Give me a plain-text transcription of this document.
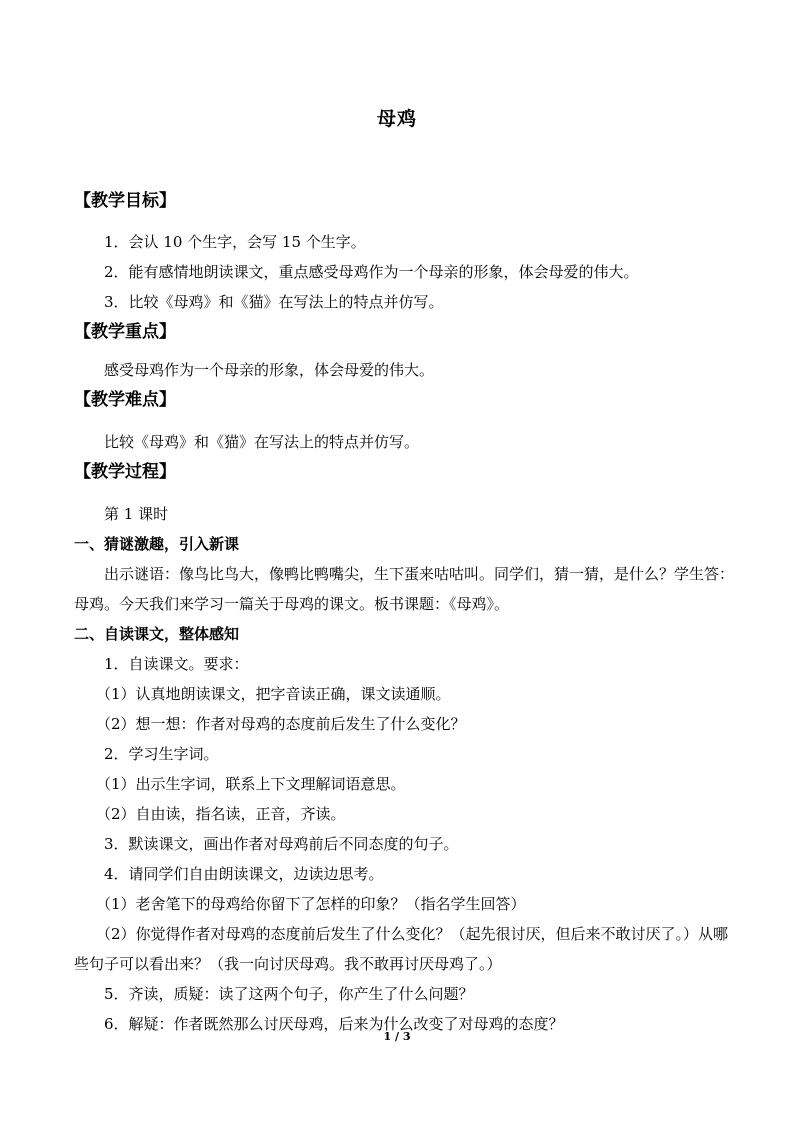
母鸡
【教学目标】
1．会认 10 个生字，会写 15 个生字。
2．能有感情地朗读课文，重点感受母鸡作为一个母亲的形象，体会母爱的伟大。
3．比较《母鸡》和《猫》在写法上的特点并仿写。
【教学重点】
感受母鸡作为一个母亲的形象，体会母爱的伟大。
【教学难点】
比较《母鸡》和《猫》在写法上的特点并仿写。
【教学过程】
第 1 课时
一、猜谜激趣，引入新课
出示谜语：像鸟比鸟大，像鸭比鸭嘴尖，生下蛋来咕咕叫。同学们，猜一猜，是什么？学生答：母鸡。今天我们来学习一篇关于母鸡的课文。板书课题：《母鸡》。
二、自读课文，整体感知
1．自读课文。要求：
（1）认真地朗读课文，把字音读正确，课文读通顺。
（2）想一想：作者对母鸡的态度前后发生了什么变化？
2．学习生字词。
（1）出示生字词，联系上下文理解词语意思。
（2）自由读，指名读，正音，齐读。
3．默读课文，画出作者对母鸡前后不同态度的句子。
4．请同学们自由朗读课文，边读边思考。
（1）老舍笔下的母鸡给你留下了怎样的印象？（指名学生回答）
（2）你觉得作者对母鸡的态度前后发生了什么变化？（起先很讨厌，但后来不敢讨厌了。）从哪些句子可以看出来？（我一向讨厌母鸡。我不敢再讨厌母鸡了。）
5．齐读，质疑：读了这两个句子，你产生了什么问题？
6．解疑：作者既然那么讨厌母鸡，后来为什么改变了对母鸡的态度？
1 / 3
